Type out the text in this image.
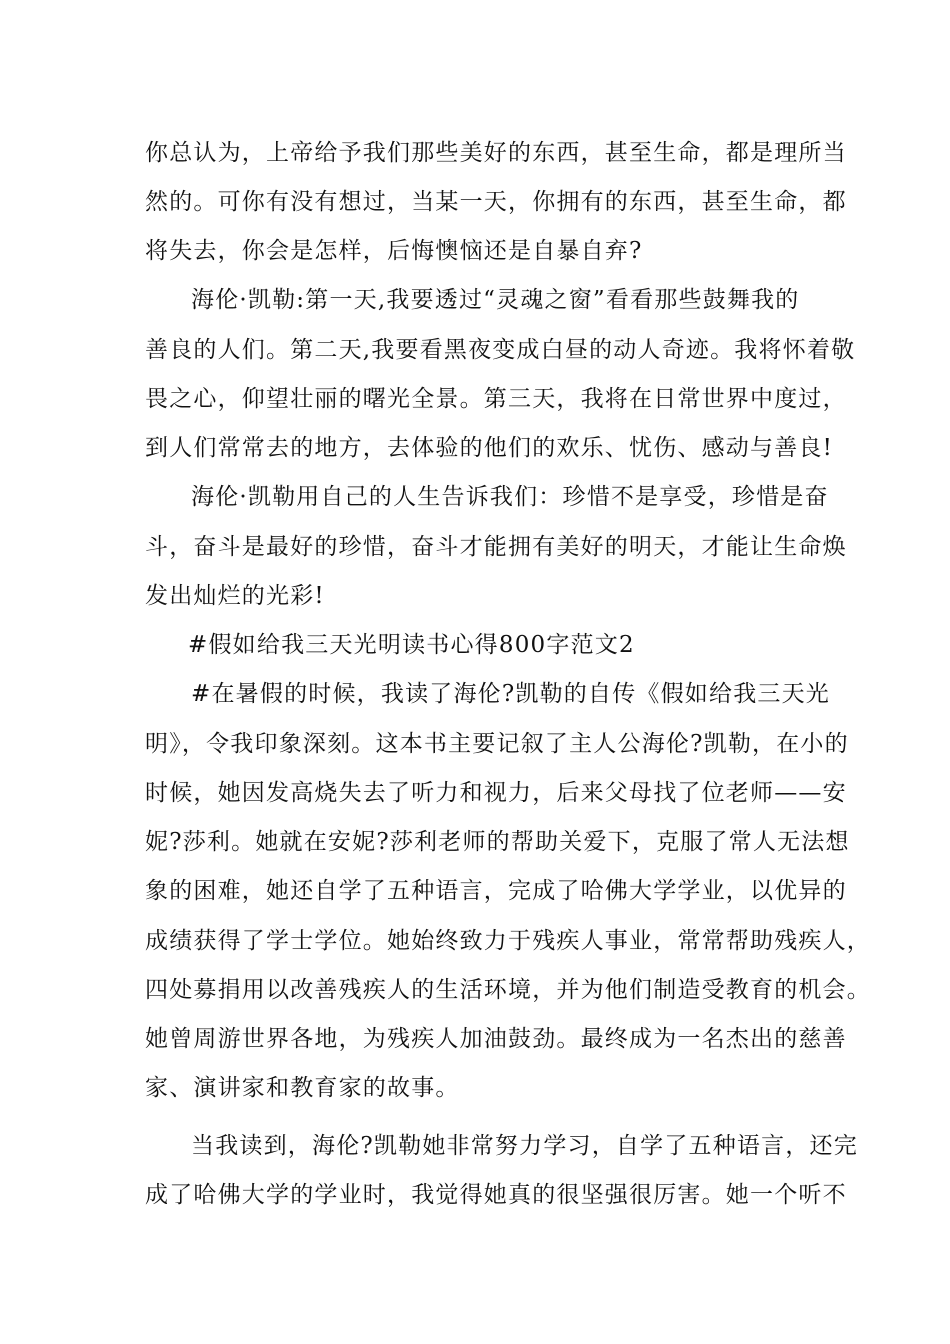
你总认为，上帝给予我们那些美好的东西，甚至生命，都是理所当
然的。可你有没有想过，当某一天，你拥有的东西，甚至生命，都
将失去，你会是怎样，后悔懊恼还是自暴自弃?
海伦·凯勒:第一天,我要透过“灵魂之窗”看看那些鼓舞我的
善良的人们。第二天,我要看黑夜变成白昼的动人奇迹。我将怀着敬
畏之心，仰望壮丽的曙光全景。第三天，我将在日常世界中度过，
到人们常常去的地方，去体验的他们的欢乐、忧伤、感动与善良!
海伦·凯勒用自己的人生告诉我们：珍惜不是享受，珍惜是奋
斗，奋斗是最好的珍惜，奋斗才能拥有美好的明天，才能让生命焕
发出灿烂的光彩!
#假如给我三天光明读书心得800字范文2
#在暑假的时候，我读了海伦?凯勒的自传《假如给我三天光
明》，令我印象深刻。这本书主要记叙了主人公海伦?凯勒，在小的
时候，她因发高烧失去了听力和视力，后来父母找了位老师——安
妮?莎利。她就在安妮?莎利老师的帮助关爱下，克服了常人无法想
象的困难，她还自学了五种语言，完成了哈佛大学学业，以优异的
成绩获得了学士学位。她始终致力于残疾人事业，常常帮助残疾人，
四处募捐用以改善残疾人的生活环境，并为他们制造受教育的机会。
她曾周游世界各地，为残疾人加油鼓劲。最终成为一名杰出的慈善
家、演讲家和教育家的故事。
当我读到，海伦?凯勒她非常努力学习，自学了五种语言，还完
成了哈佛大学的学业时，我觉得她真的很坚强很厉害。她一个听不
